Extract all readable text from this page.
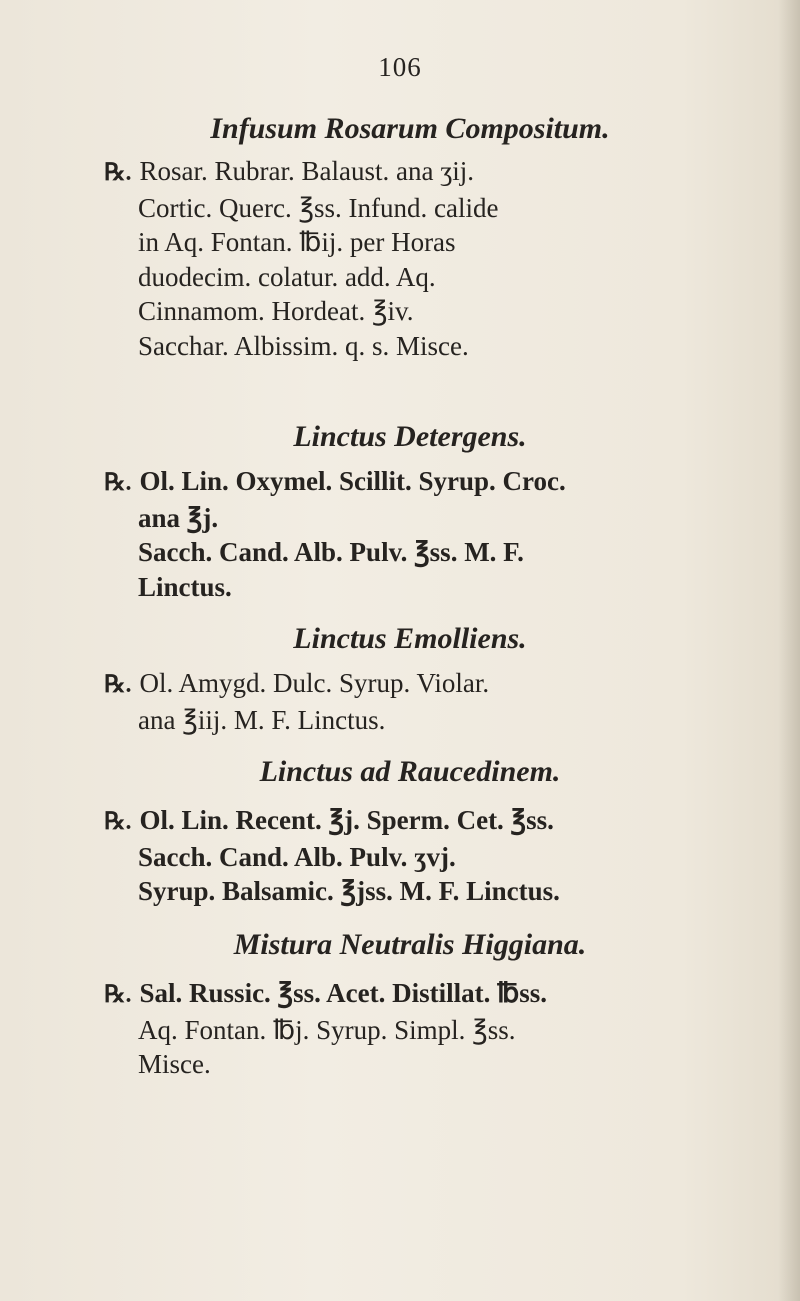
106
Infusum Rosarum Compositum.
℞. Rosar. Rubrar. Balaust. ana ʒij.
Cortic. Querc. ℥ss. Infund. calide
in Aq. Fontan. ℔ij. per Horas
duodecim. colatur. add. Aq.
Cinnamom. Hordeat. ℥iv.
Sacchar. Albissim. q. s. Misce.
Linctus Detergens.
℞. Ol. Lin. Oxymel. Scillit. Syrup. Croc.
ana ℥j.
Sacch. Cand. Alb. Pulv. ℥ss. M. F.
Linctus.
Linctus Emolliens.
℞. Ol. Amygd. Dulc. Syrup. Violar.
ana ℥iij. M. F. Linctus.
Linctus ad Raucedinem.
℞. Ol. Lin. Recent. ℥j. Sperm. Cet. ℥ss.
Sacch. Cand. Alb. Pulv. ʒvj.
Syrup. Balsamic. ℥jss. M. F. Linctus.
Mistura Neutralis Higgiana.
℞. Sal. Russic. ℥ss. Acet. Distillat. ℔ss.
Aq. Fontan. ℔j. Syrup. Simpl. ℥ss.
Misce.
